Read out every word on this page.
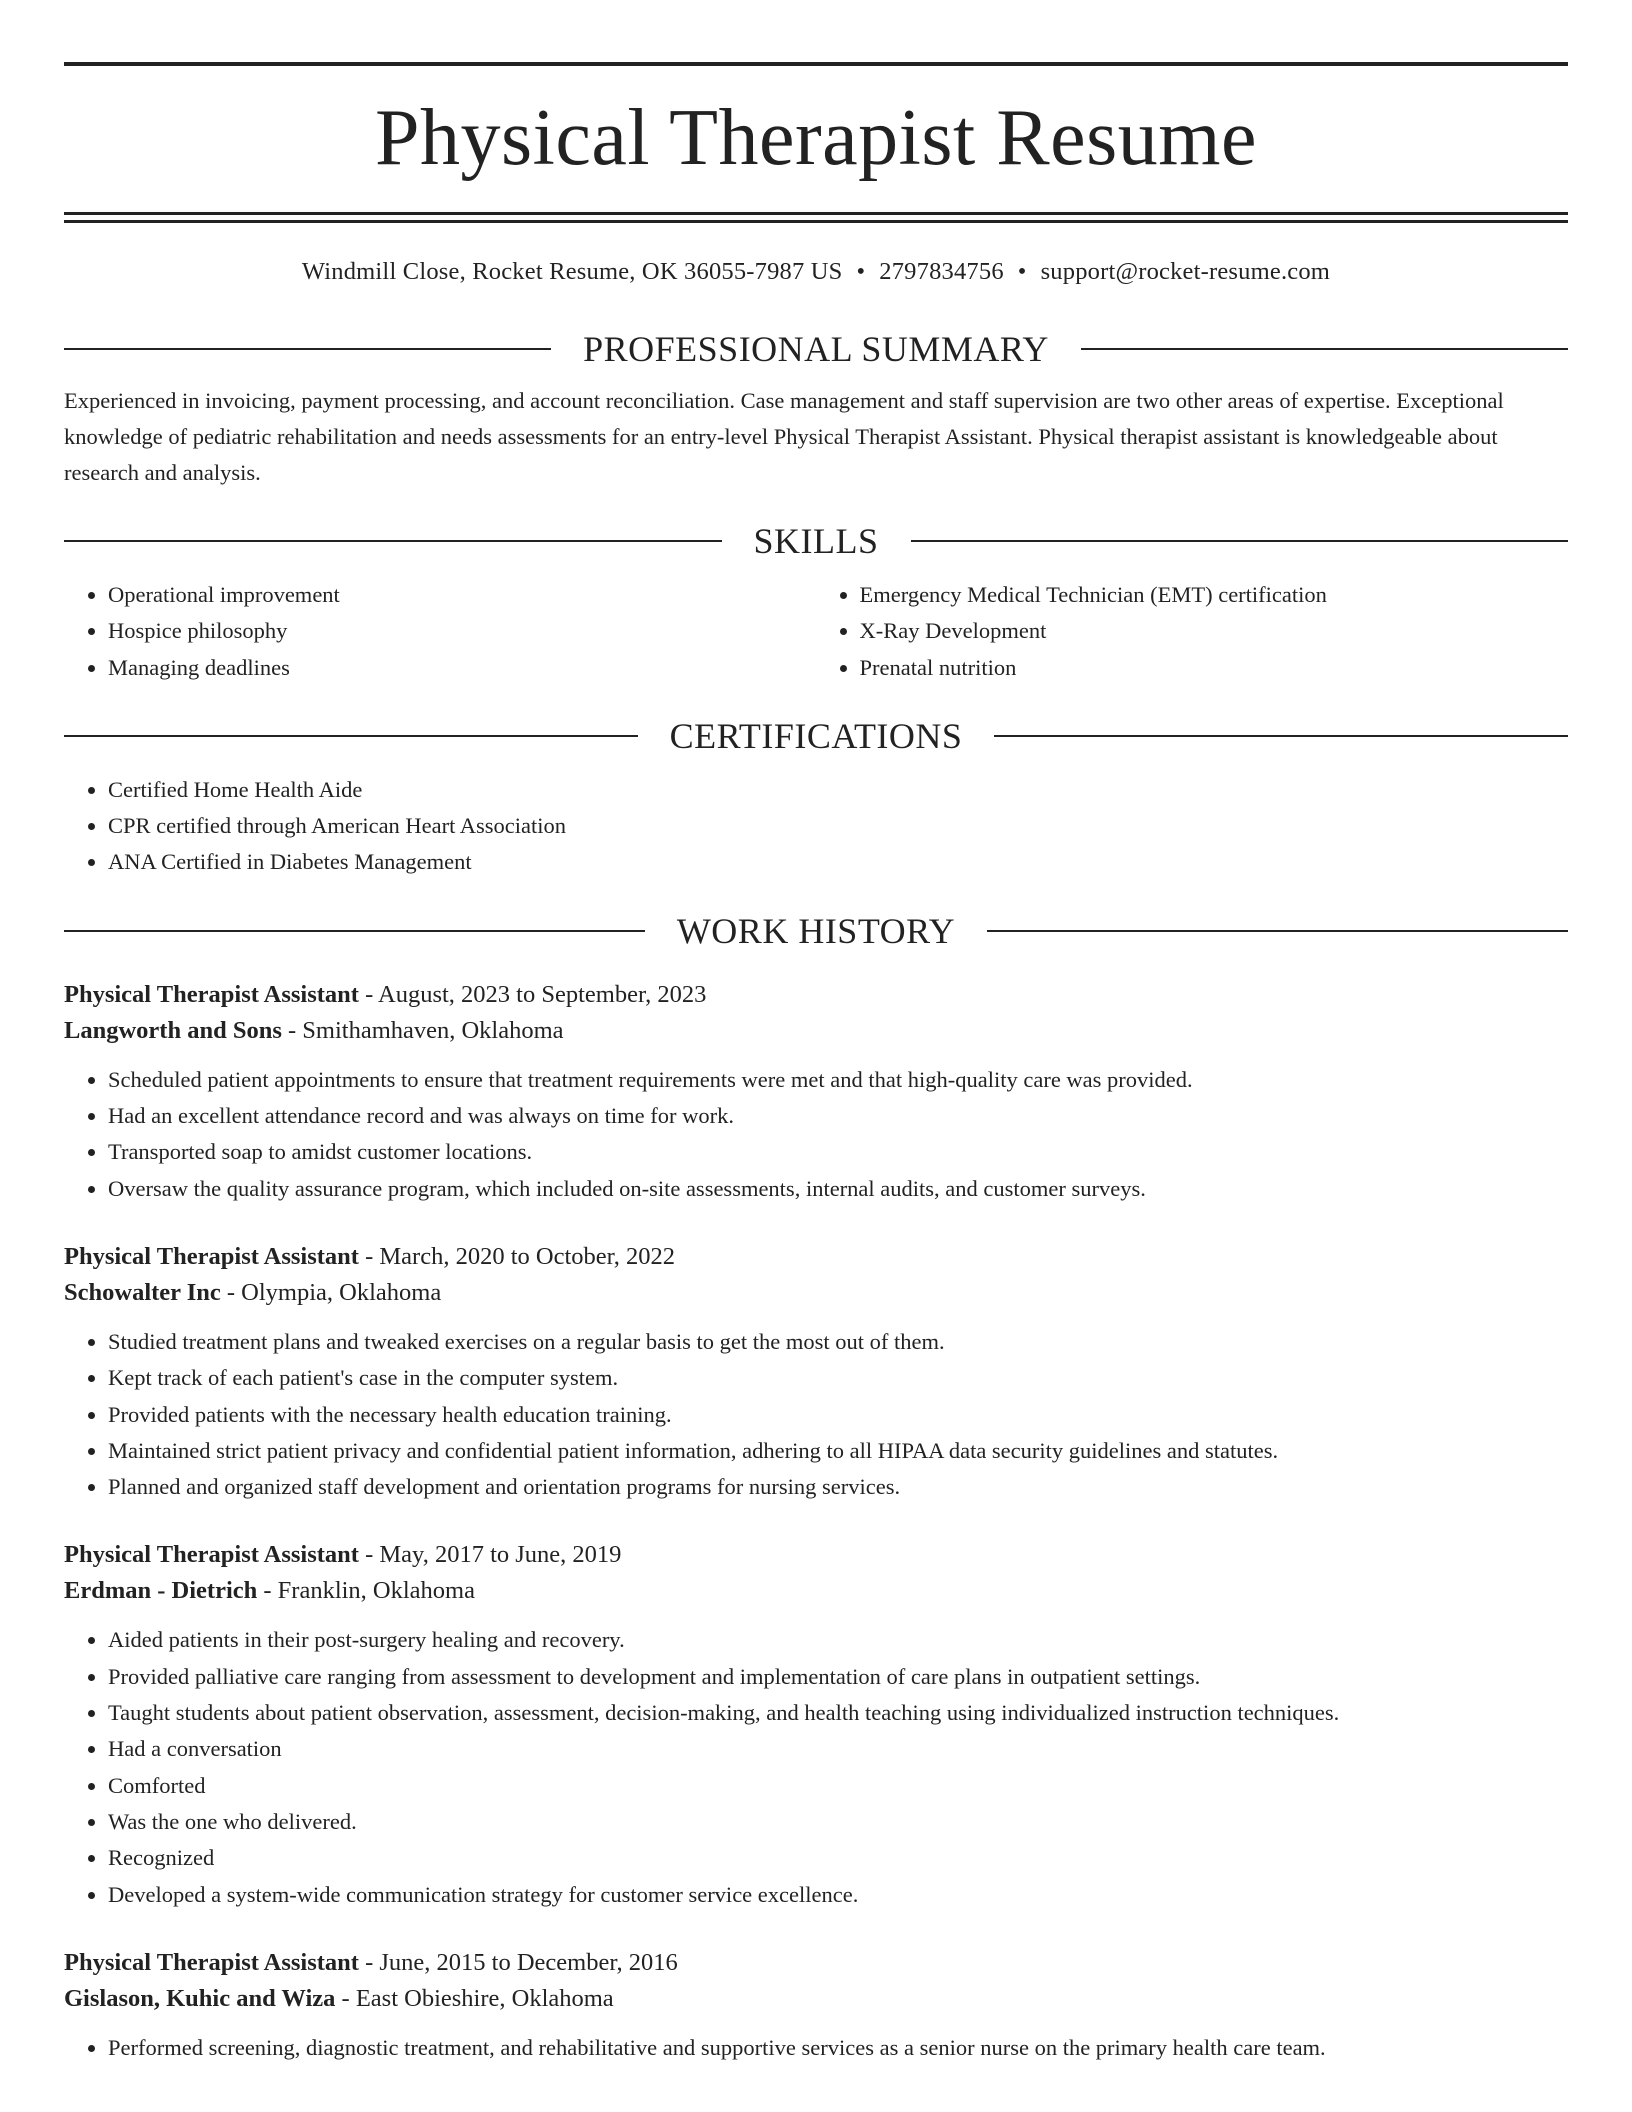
Physical Therapist Resume
Windmill Close, Rocket Resume, OK 36055-7987 US • 2797834756 • support@rocket-resume.com
PROFESSIONAL SUMMARY

Experienced in invoicing, payment processing, and account reconciliation. Case management and staff supervision are two other areas of expertise. Exceptional knowledge of pediatric rehabilitation and needs assessments for an entry-level Physical Therapist Assistant. Physical therapist assistant is knowledgeable about research and analysis.

SKILLS
• Operational improvement
• Hospice philosophy
• Managing deadlines
• Emergency Medical Technician (EMT) certification
• X-Ray Development
• Prenatal nutrition
CERTIFICATIONS
• Certified Home Health Aide
• CPR certified through American Heart Association
• ANA Certified in Diabetes Management
WORK HISTORY
Physical Therapist Assistant - August, 2023 to September, 2023
Langworth and Sons - Smithamhaven, Oklahoma
• Scheduled patient appointments to ensure that treatment requirements were met and that high-quality care was provided.
• Had an excellent attendance record and was always on time for work.
• Transported soap to amidst customer locations.
• Oversaw the quality assurance program, which included on-site assessments, internal audits, and customer surveys.
Physical Therapist Assistant - March, 2020 to October, 2022
Schowalter Inc - Olympia, Oklahoma
• Studied treatment plans and tweaked exercises on a regular basis to get the most out of them.
• Kept track of each patient's case in the computer system.
• Provided patients with the necessary health education training.
• Maintained strict patient privacy and confidential patient information, adhering to all HIPAA data security guidelines and statutes.
• Planned and organized staff development and orientation programs for nursing services.
Physical Therapist Assistant - May, 2017 to June, 2019
Erdman - Dietrich - Franklin, Oklahoma
• Aided patients in their post-surgery healing and recovery.
• Provided palliative care ranging from assessment to development and implementation of care plans in outpatient settings.
• Taught students about patient observation, assessment, decision-making, and health teaching using individualized instruction techniques.
• Had a conversation
• Comforted
• Was the one who delivered.
• Recognized
• Developed a system-wide communication strategy for customer service excellence.
Physical Therapist Assistant - June, 2015 to December, 2016
Gislason, Kuhic and Wiza - East Obieshire, Oklahoma
• Performed screening, diagnostic treatment, and rehabilitative and supportive services as a senior nurse on the primary health care team.
